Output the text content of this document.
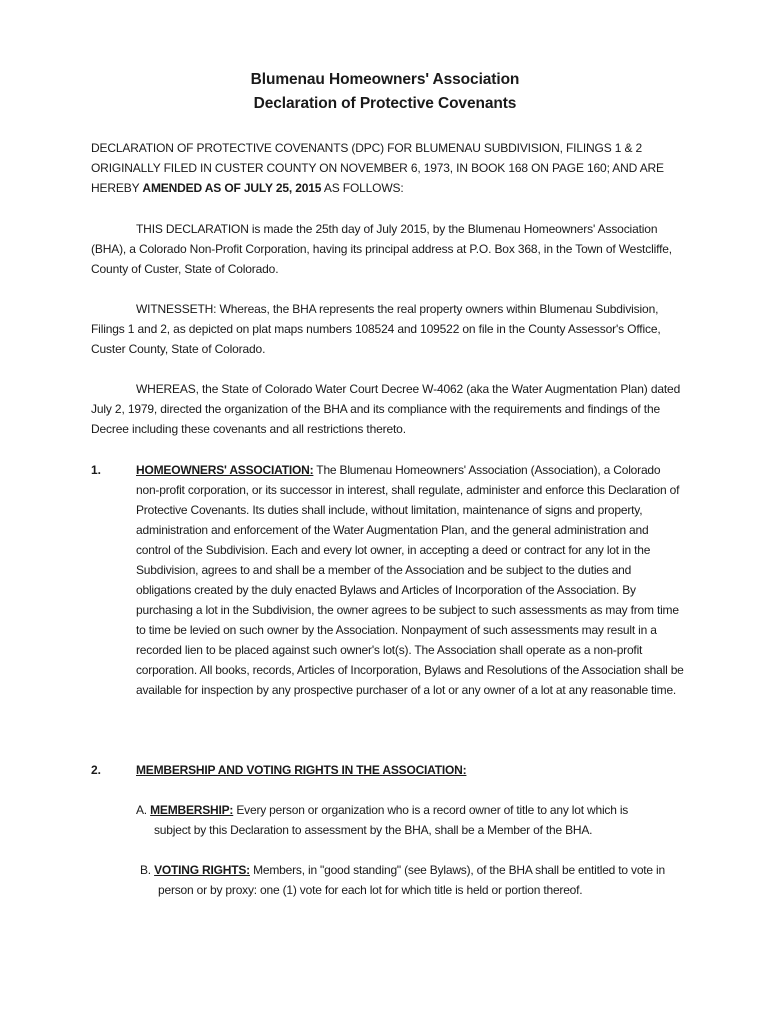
Blumenau Homeowners' Association
Declaration of Protective Covenants
DECLARATION OF PROTECTIVE COVENANTS (DPC) FOR BLUMENAU SUBDIVISION, FILINGS 1 & 2 ORIGINALLY FILED IN CUSTER COUNTY ON NOVEMBER 6, 1973, IN BOOK 168 ON PAGE 160; AND ARE HEREBY AMENDED AS OF JULY 25, 2015 AS FOLLOWS:
THIS DECLARATION is made the 25th day of July 2015, by the Blumenau Homeowners' Association (BHA), a Colorado Non-Profit Corporation, having its principal address at P.O. Box 368, in the Town of Westcliffe, County of Custer, State of Colorado.
WITNESSETH: Whereas, the BHA represents the real property owners within Blumenau Subdivision, Filings 1 and 2, as depicted on plat maps numbers 108524 and 109522 on file in the County Assessor's Office, Custer County, State of Colorado.
WHEREAS, the State of Colorado Water Court Decree W-4062 (aka the Water Augmentation Plan) dated July 2, 1979, directed the organization of the BHA and its compliance with the requirements and findings of the Decree including these covenants and all restrictions thereto.
1.	HOMEOWNERS' ASSOCIATION: The Blumenau Homeowners' Association (Association), a Colorado non-profit corporation, or its successor in interest, shall regulate, administer and enforce this Declaration of Protective Covenants. Its duties shall include, without limitation, maintenance of signs and property, administration and enforcement of the Water Augmentation Plan, and the general administration and control of the Subdivision. Each and every lot owner, in accepting a deed or contract for any lot in the Subdivision, agrees to and shall be a member of the Association and be subject to the duties and obligations created by the duly enacted Bylaws and Articles of Incorporation of the Association. By purchasing a lot in the Subdivision, the owner agrees to be subject to such assessments as may from time to time be levied on such owner by the Association. Nonpayment of such assessments may result in a recorded lien to be placed against such owner's lot(s). The Association shall operate as a non-profit corporation. All books, records, Articles of Incorporation, Bylaws and Resolutions of the Association shall be available for inspection by any prospective purchaser of a lot or any owner of a lot at any reasonable time.
2.	MEMBERSHIP AND VOTING RIGHTS IN THE ASSOCIATION:
A. MEMBERSHIP: Every person or organization who is a record owner of title to any lot which is
subject by this Declaration to assessment by the BHA, shall be a Member of the BHA.
B. VOTING RIGHTS: Members, in "good standing" (see Bylaws), of the BHA shall be entitled to vote in
person or by proxy: one (1) vote for each lot for which title is held or portion thereof.
